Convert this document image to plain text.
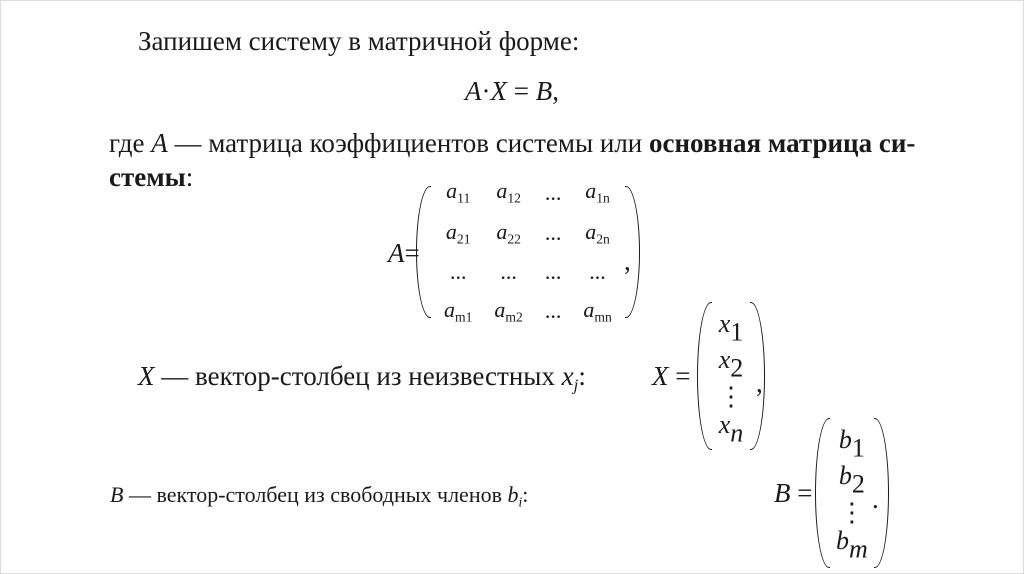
Запишем систему в матричной форме:
A·X = B,
где A — матрица коэффициентов системы или основная матрица си-
стемы:
A=
$a_{11}$	$a_{12}$	...	$a_{1n}$
$a_{21}$	$a_{22}$	...	$a_{2n}$
...	...	...	...
$a_{m1}$	$a_{m2}$	...	$a_{mn}$
,
X — вектор-столбец из неизвестных $x_j$: X =
x1
x2
⋮
xn
,
B — вектор-столбец из свободных членов $b_i$:	B =
b1
b2
⋮
bm
.
